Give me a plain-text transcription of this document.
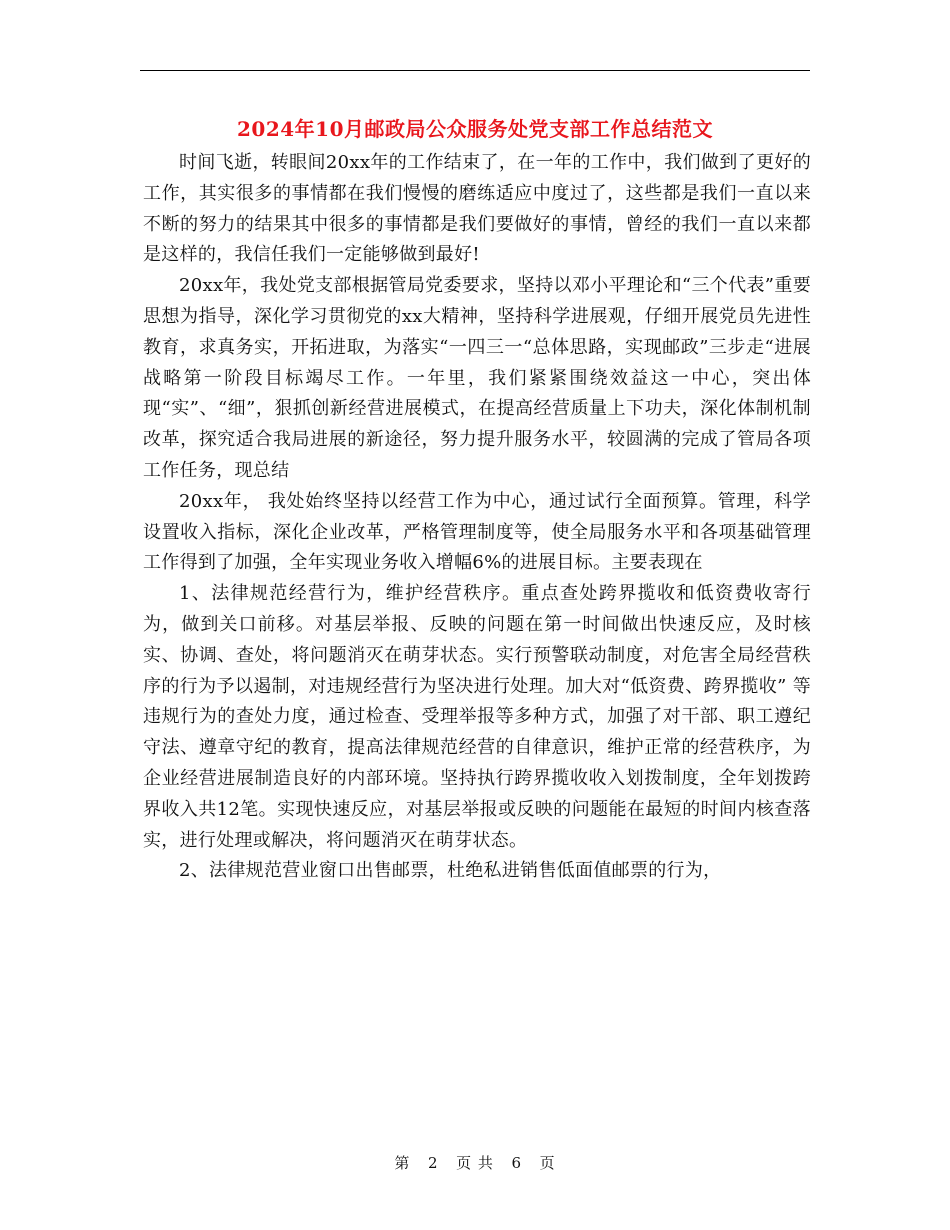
2024年10月邮政局公众服务处党支部工作总结范文

时间飞逝，转眼间20xx年的工作结束了，在一年的工作中，我们做到了更好的工作，其实很多的事情都在我们慢慢的磨练适应中度过了，这些都是我们一直以来不断的努力的结果其中很多的事情都是我们要做好的事情，曾经的我们一直以来都是这样的，我信任我们一定能够做到最好!

20xx年，我处党支部根据管局党委要求，坚持以邓小平理论和“三个代表”重要思想为指导，深化学习贯彻党的xx大精神，坚持科学进展观，仔细开展党员先进性教育，求真务实，开拓进取，为落实“一四三一“总体思路，实现邮政”三步走“进展战略第一阶段目标竭尽工作。一年里，我们紧紧围绕效益这一中心，突出体现“实”、“细”，狠抓创新经营进展模式，在提高经营质量上下功夫，深化体制机制改革，探究适合我局进展的新途径，努力提升服务水平，较圆满的完成了管局各项工作任务，现总结

20xx年， 我处始终坚持以经营工作为中心，通过试行全面预算。管理，科学设置收入指标，深化企业改革，严格管理制度等，使全局服务水平和各项基础管理工作得到了加强，全年实现业务收入增幅6%的进展目标。主要表现在

1、法律规范经营行为，维护经营秩序。重点查处跨界揽收和低资费收寄行为，做到关口前移。对基层举报、反映的问题在第一时间做出快速反应，及时核实、协调、查处，将问题消灭在萌芽状态。实行预警联动制度，对危害全局经营秩序的行为予以遏制，对违规经营行为坚决进行处理。加大对“低资费、跨界揽收” 等违规行为的查处力度，通过检查、受理举报等多种方式，加强了对干部、职工遵纪守法、遵章守纪的教育，提高法律规范经营的自律意识，维护正常的经营秩序，为企业经营进展制造良好的内部环境。坚持执行跨界揽收收入划拨制度，全年划拨跨界收入共12笔。实现快速反应，对基层举报或反映的问题能在最短的时间内核查落实，进行处理或解决，将问题消灭在萌芽状态。

2、法律规范营业窗口出售邮票，杜绝私进销售低面值邮票的行为，

第 2 页 共 6 页
